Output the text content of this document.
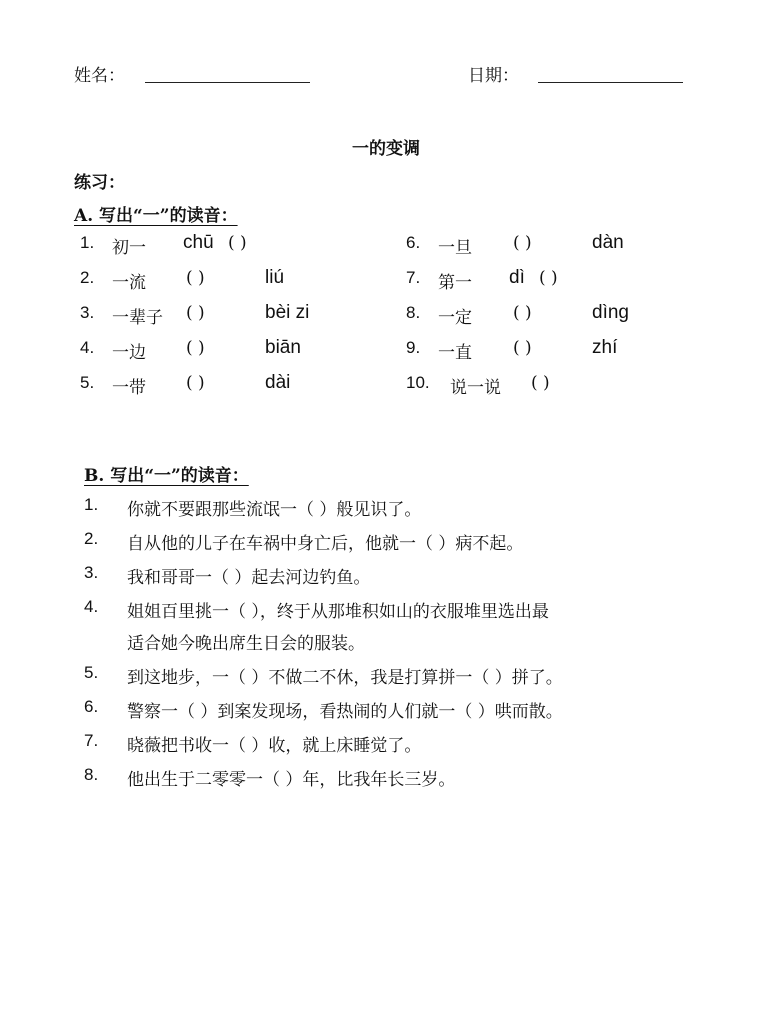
姓名：	日期：
一的变调
练习：
A. 写出“一”的读音：
1. 初一 chū ( )
2. 一流 ( )	liú
3. 一辈子 ( )	bèi zi
4. 一边 ( )	biān
5. 一带 ( )	dài
6. 一旦 ( )	dàn
7. 第一 dì ( )
8. 一定 ( )	dìng
9. 一直 ( )	zhí
10. 说一说 ( )
B. 写出“一”的读音：
1. 你就不要跟那些流氓一（ ）般见识了。
2. 自从他的儿子在车祸中身亡后，他就一（ ）病不起。
3. 我和哥哥一（ ）起去河边钓鱼。
4. 姐姐百里挑一（ ），终于从那堆积如山的衣服堆里选出最
适合她今晚出席生日会的服装。
5. 到这地步，一（ ）不做二不休，我是打算拼一（ ）拼了。
6. 警察一（ ）到案发现场，看热闹的人们就一（ ）哄而散。
7. 晓薇把书收一（ ）收，就上床睡觉了。
8. 他出生于二零零一（ ）年，比我年长三岁。
